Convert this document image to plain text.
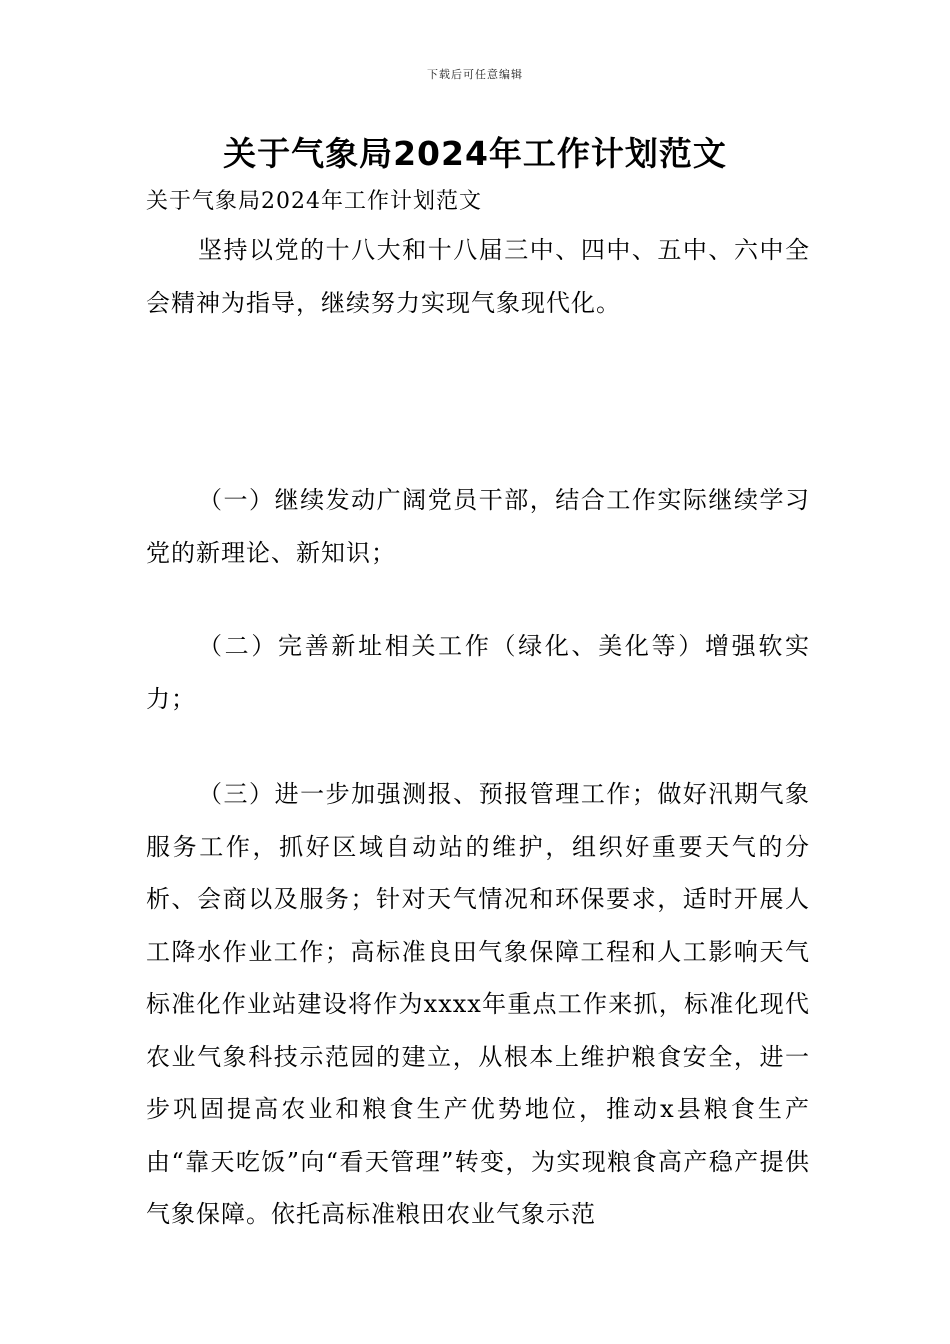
下载后可任意编辑
关于气象局2024年工作计划范文
关于气象局2024年工作计划范文
坚持以党的十八大和十八届三中、四中、五中、六中全会精神为指导，继续努力实现气象现代化。
（一）继续发动广阔党员干部，结合工作实际继续学习党的新理论、新知识；
（二）完善新址相关工作（绿化、美化等）增强软实力；
（三）进一步加强测报、预报管理工作；做好汛期气象服务工作，抓好区域自动站的维护，组织好重要天气的分析、会商以及服务；针对天气情况和环保要求，适时开展人工降水作业工作；高标准良田气象保障工程和人工影响天气标准化作业站建设将作为xxxx年重点工作来抓，标准化现代农业气象科技示范园的建立，从根本上维护粮食安全，进一步巩固提高农业和粮食生产优势地位，推动x县粮食生产由“靠天吃饭”向“看天管理”转变，为实现粮食高产稳产提供气象保障。依托高标准粮田农业气象示范
